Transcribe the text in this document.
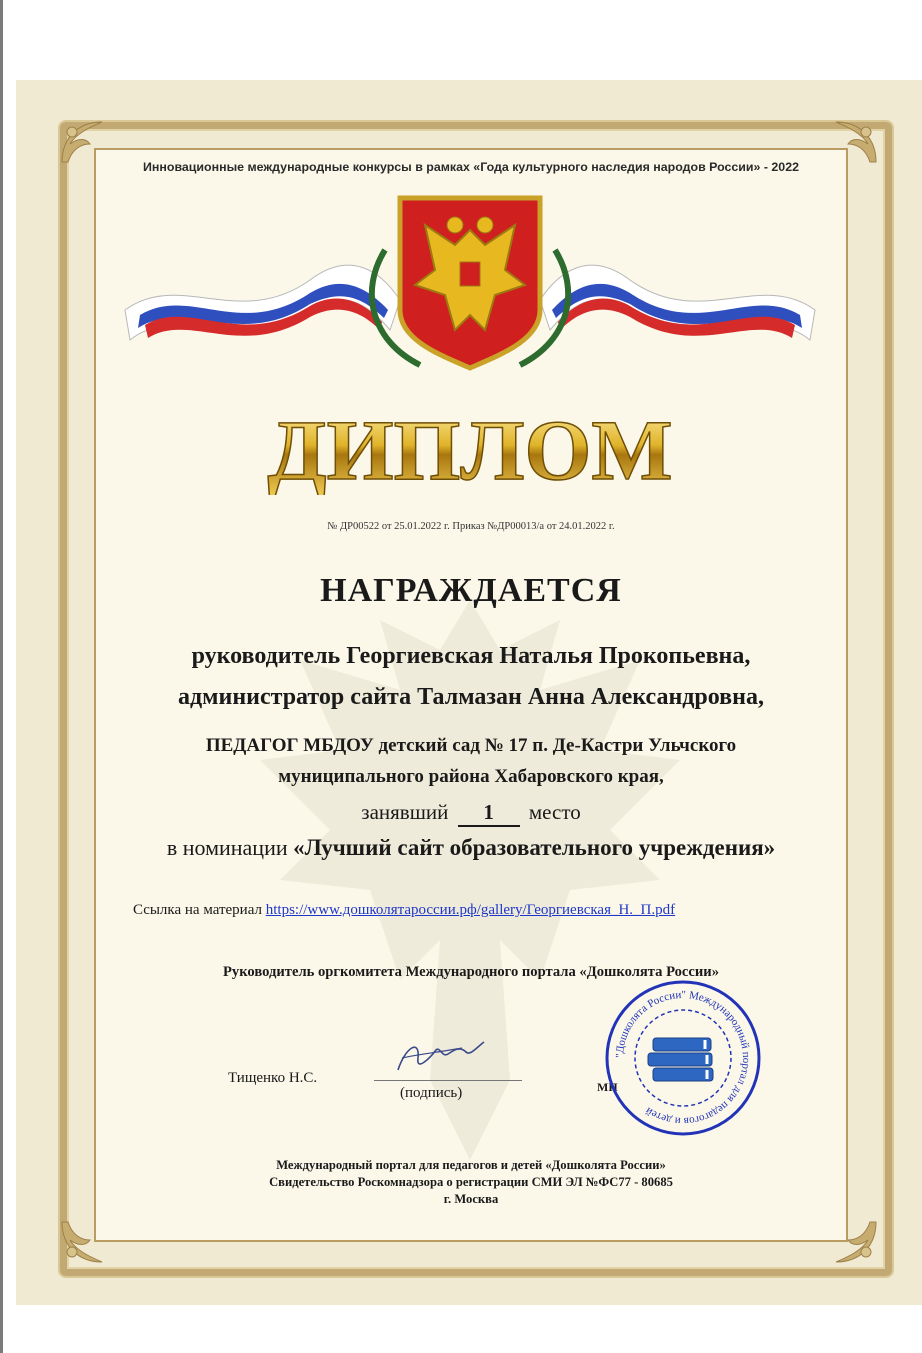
Инновационные международные конкурсы в рамках «Года культурного наследия народов России» - 2022
ДИПЛОМ
№ ДР00522 от 25.01.2022 г. Приказ №ДР00013/а от 24.01.2022 г.
НАГРАЖДАЕТСЯ
руководитель Георгиевская Наталья Прокопьевна,
администратор сайта Талмазан Анна Александровна,
ПЕДАГОГ МБДОУ детский сад № 17 п. Де-Кастри Ульчского
муниципального района Хабаровского края,
занявший 1 место
в номинации «Лучший сайт образовательного учреждения»
Ссылка на материал https://www.дошколятароссии.рф/gallery/Георгиевская_Н._П.pdf
Руководитель оргкомитета Международного портала «Дошколята России»
Тищенко Н.С.
(подпись)	МП
"Дошколята России" Международный портал для педагогов и детей
Международный портал для педагогов и детей «Дошколята России»
Свидетельство Роскомнадзора о регистрации СМИ ЭЛ №ФС77 - 80685
г. Москва
